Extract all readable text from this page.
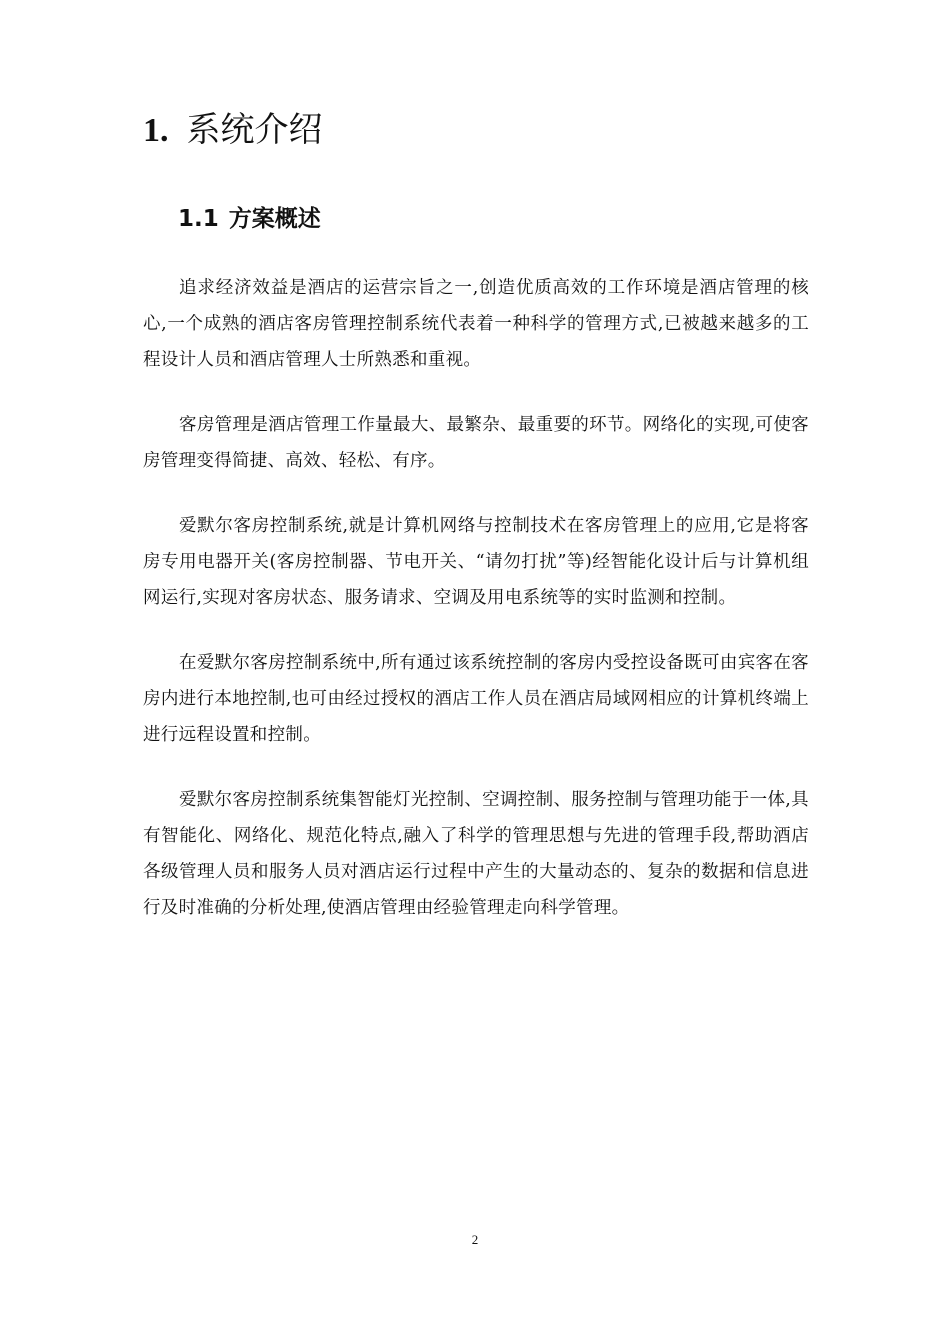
1. 系统介绍
1.1 方案概述

追求经济效益是酒店的运营宗旨之一,创造优质高效的工作环境是酒店管理的核心,一个成熟的酒店客房管理控制系统代表着一种科学的管理方式,已被越来越多的工程设计人员和酒店管理人士所熟悉和重视。

客房管理是酒店管理工作量最大、最繁杂、最重要的环节。网络化的实现,可使客房管理变得简捷、高效、轻松、有序。

爱默尔客房控制系统,就是计算机网络与控制技术在客房管理上的应用,它是将客房专用电器开关(客房控制器、节电开关、“请勿打扰”等)经智能化设计后与计算机组网运行,实现对客房状态、服务请求、空调及用电系统等的实时监测和控制。

在爱默尔客房控制系统中,所有通过该系统控制的客房内受控设备既可由宾客在客房内进行本地控制,也可由经过授权的酒店工作人员在酒店局域网相应的计算机终端上进行远程设置和控制。

爱默尔客房控制系统集智能灯光控制、空调控制、服务控制与管理功能于一体,具有智能化、网络化、规范化特点,融入了科学的管理思想与先进的管理手段,帮助酒店各级管理人员和服务人员对酒店运行过程中产生的大量动态的、复杂的数据和信息进行及时准确的分析处理,使酒店管理由经验管理走向科学管理。

2
